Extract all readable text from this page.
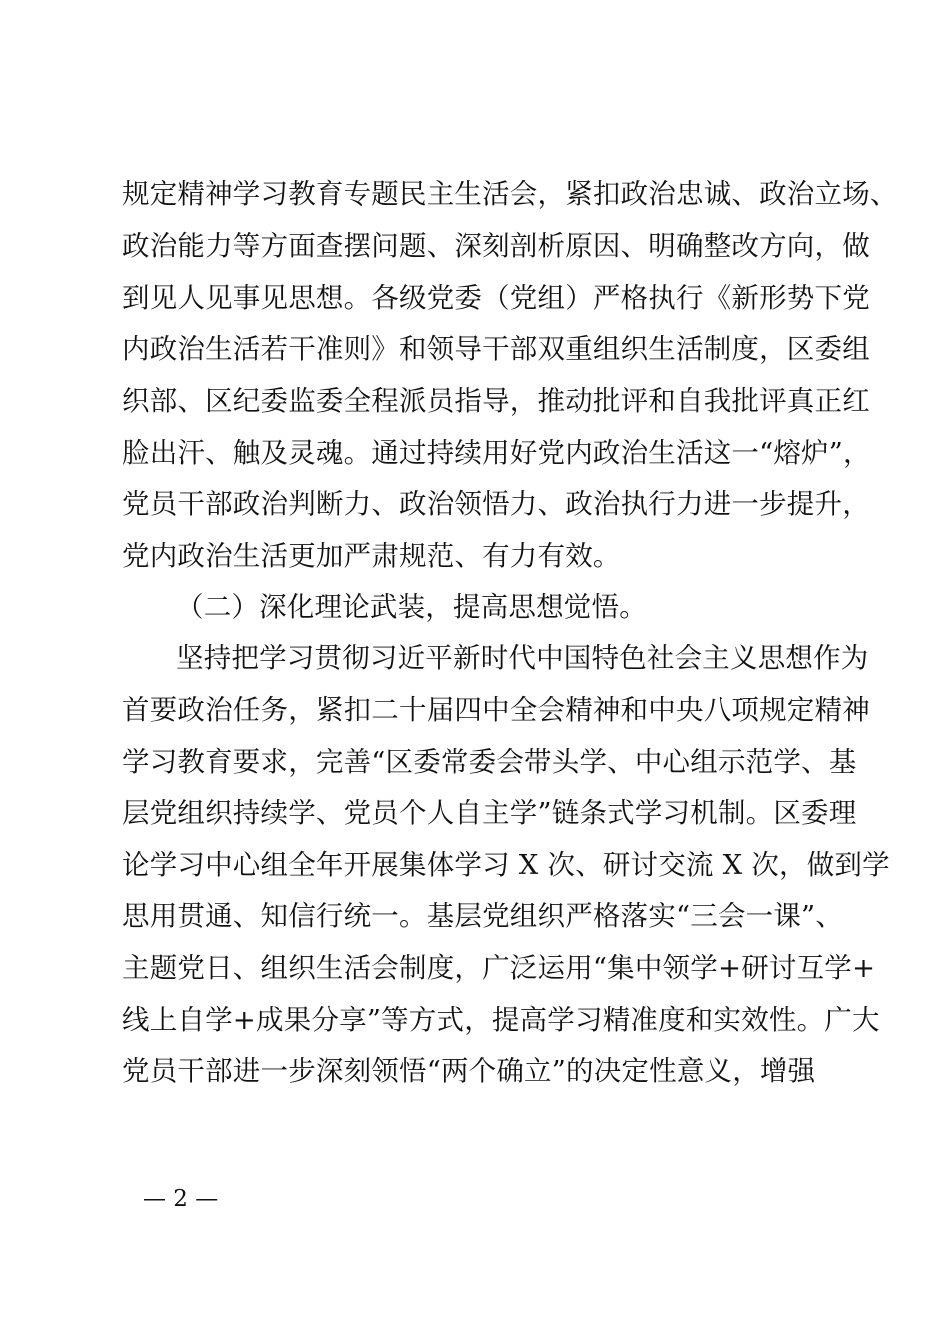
规定精神学习教育专题民主生活会，紧扣政治忠诚、政治立场、
政治能力等方面查摆问题、深刻剖析原因、明确整改方向，做
到见人见事见思想。各级党委（党组）严格执行《新形势下党
内政治生活若干准则》和领导干部双重组织生活制度，区委组
织部、区纪委监委全程派员指导，推动批评和自我批评真正红
脸出汗、触及灵魂。通过持续用好党内政治生活这一“熔炉”，
党员干部政治判断力、政治领悟力、政治执行力进一步提升，
党内政治生活更加严肃规范、有力有效。
（二）深化理论武装，提高思想觉悟。
坚持把学习贯彻习近平新时代中国特色社会主义思想作为
首要政治任务，紧扣二十届四中全会精神和中央八项规定精神
学习教育要求，完善“区委常委会带头学、中心组示范学、基
层党组织持续学、党员个人自主学”链条式学习机制。区委理
论学习中心组全年开展集体学习 X 次、研讨交流 X 次，做到学
思用贯通、知信行统一。基层党组织严格落实“三会一课”、
主题党日、组织生活会制度，广泛运用“集中领学+研讨互学+
线上自学+成果分享”等方式，提高学习精准度和实效性。广大
党员干部进一步深刻领悟“两个确立”的决定性意义，增强
— 2 —
